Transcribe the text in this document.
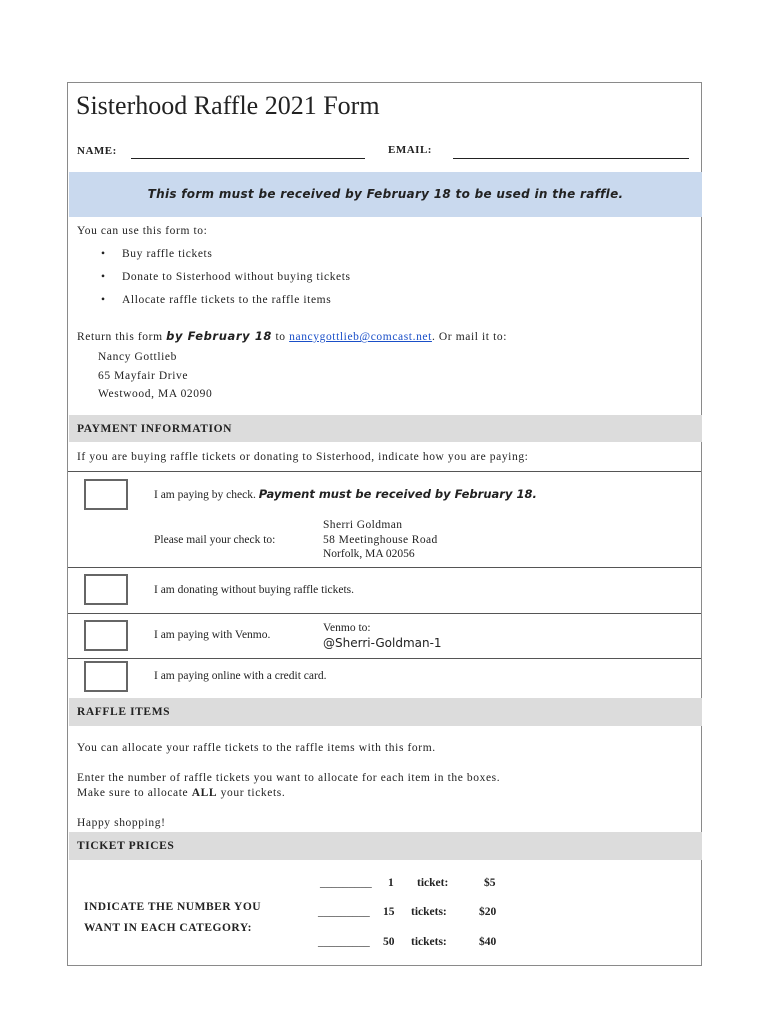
Sisterhood Raffle 2021 Form
NAME:	EMAIL:
This form must be received by February 18 to be used in the raffle.
You can use this form to:
• Buy raffle tickets
• Donate to Sisterhood without buying tickets
• Allocate raffle tickets to the raffle items
Return this form by February 18 to nancygottlieb@comcast.net. Or mail it to:
Nancy Gottlieb
65 Mayfair Drive
Westwood, MA 02090
PAYMENT INFORMATION
If you are buying raffle tickets or donating to Sisterhood, indicate how you are paying:
I am paying by check. Payment must be received by February 18.
Please mail your check to:
Sherri Goldman
58 Meetinghouse Road
Norfolk, MA 02056
I am donating without buying raffle tickets.
I am paying with Venmo.
Venmo to:
@Sherri-Goldman-1
I am paying online with a credit card.
RAFFLE ITEMS
You can allocate your raffle tickets to the raffle items with this form.
Enter the number of raffle tickets you want to allocate for each item in the boxes.
Make sure to allocate ALL your tickets.
Happy shopping!
TICKET PRICES
INDICATE THE NUMBER YOU
WANT IN EACH CATEGORY:
_________ 1 ticket:	$5
_________ 15 tickets:	$20
_________ 50 tickets:	$40
